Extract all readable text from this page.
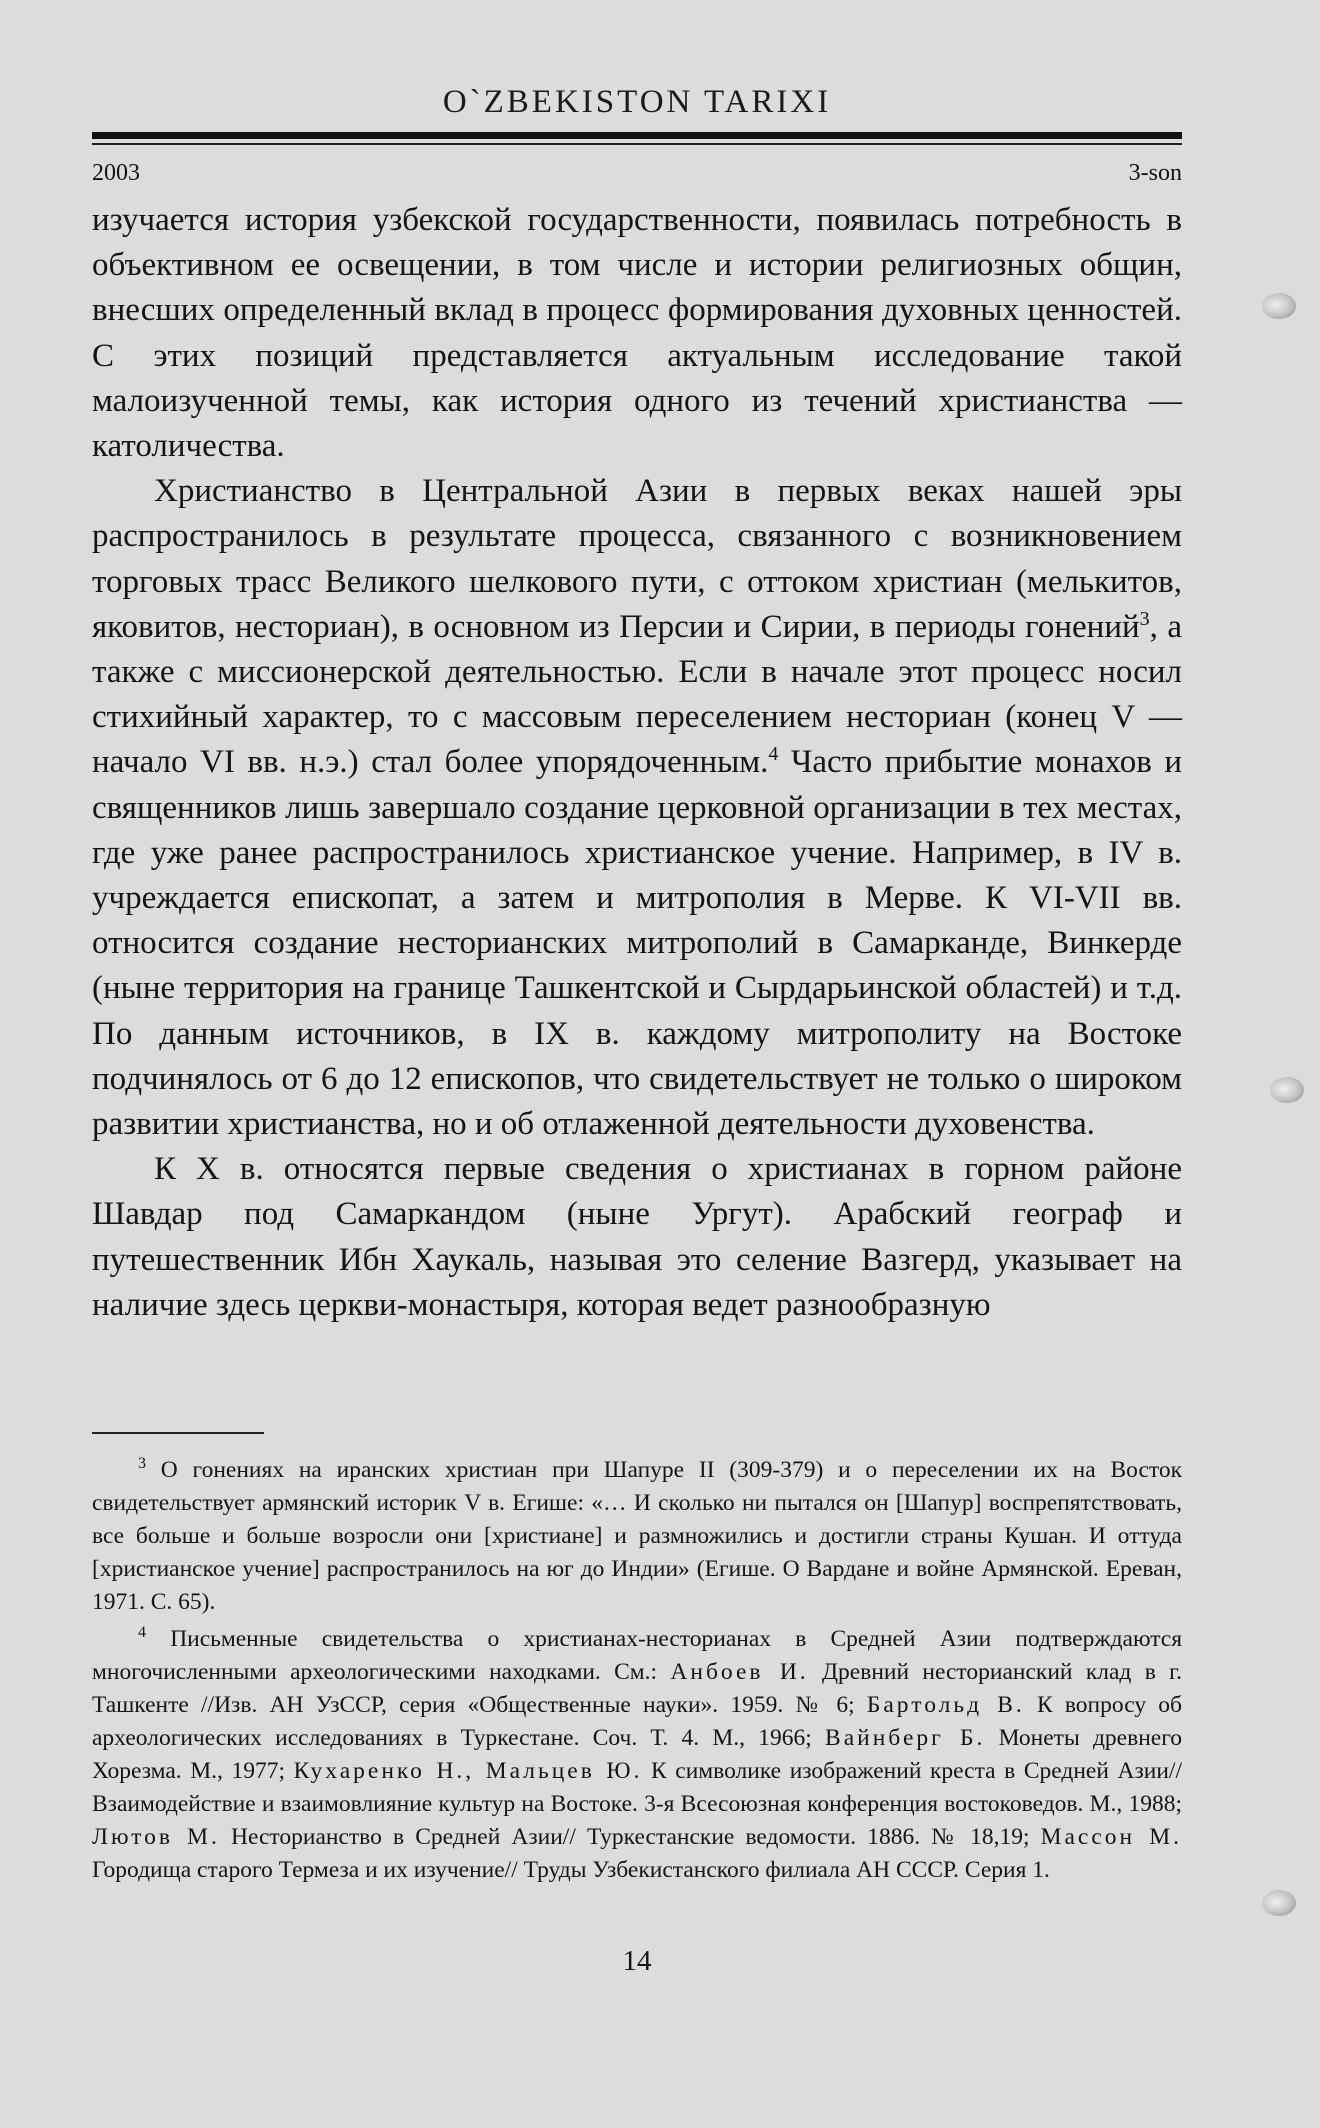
O`ZBEKISTON TARIXI
2003	3-son

изучается история узбекской государственности, появилась потребность в объективном ее освещении, в том числе и истории религиозных общин, внесших определенный вклад в процесс формирования духовных ценностей. С этих позиций представляется актуальным исследование такой малоизученной темы, как история одного из течений христианства — католичества.

Христианство в Центральной Азии в первых веках нашей эры распространилось в результате процесса, связанного с возникновением торговых трасс Великого шелкового пути, с оттоком христиан (мелькитов, яковитов, несториан), в основном из Персии и Сирии, в периоды гонений$^3$, а также с миссионерской деятельностью. Если в начале этот процесс носил стихийный характер, то с массовым переселением несториан (конец V — начало VI вв. н.э.) стал более упорядоченным.$^4$ Часто прибытие монахов и священников лишь завершало создание церковной организации в тех местах, где уже ранее распространилось христианское учение. Например, в IV в. учреждается епископат, а затем и митрополия в Мерве. К VI-VII вв. относится создание несторианских митрополий в Самарканде, Винкерде (ныне территория на границе Ташкентской и Сырдарьинской областей) и т.д. По данным источников, в IX в. каждому митрополиту на Востоке подчинялось от 6 до 12 епископов, что свидетельствует не только о широком развитии христианства, но и об отлаженной деятельности духовенства.

К X в. относятся первые сведения о христианах в горном районе Шавдар под Самаркандом (ныне Ургут). Арабский географ и путешественник Ибн Хаукаль, называя это селение Вазгерд, указывает на наличие здесь церкви-монастыря, которая ведет разнообразную

$^3$ О гонениях на иранских христиан при Шапуре II (309-379) и о переселении их на Восток свидетельствует армянский историк V в. Егише: «… И сколько ни пытался он [Шапур] воспрепятствовать, все больше и больше возросли они [христиане] и размножились и достигли страны Кушан. И оттуда [христианское учение] распространилось на юг до Индии» (Егише. О Вардане и войне Армянской. Ереван, 1971. С. 65).

$^4$ Письменные свидетельства о христианах-несторианах в Средней Азии подтверждаются многочисленными археологическими находками. См.: Анбоев И. Древний несторианский клад в г. Ташкенте //Изв. АН УзССР, серия «Общественные науки». 1959. № 6; Бартольд В. К вопросу об археологических исследованиях в Туркестане. Соч. Т. 4. М., 1966; Вайнберг Б. Монеты древнего Хорезма. М., 1977; Кухаренко Н., Мальцев Ю. К символике изображений креста в Средней Азии// Взаимодействие и взаимовлияние культур на Востоке. 3-я Всесоюзная конференция востоковедов. М., 1988; Лютов М. Несторианство в Средней Азии// Туркестанские ведомости. 1886. № 18,19; Массон М. Городища старого Термеза и их изучение// Труды Узбекистанского филиала АН СССР. Серия 1.

14
